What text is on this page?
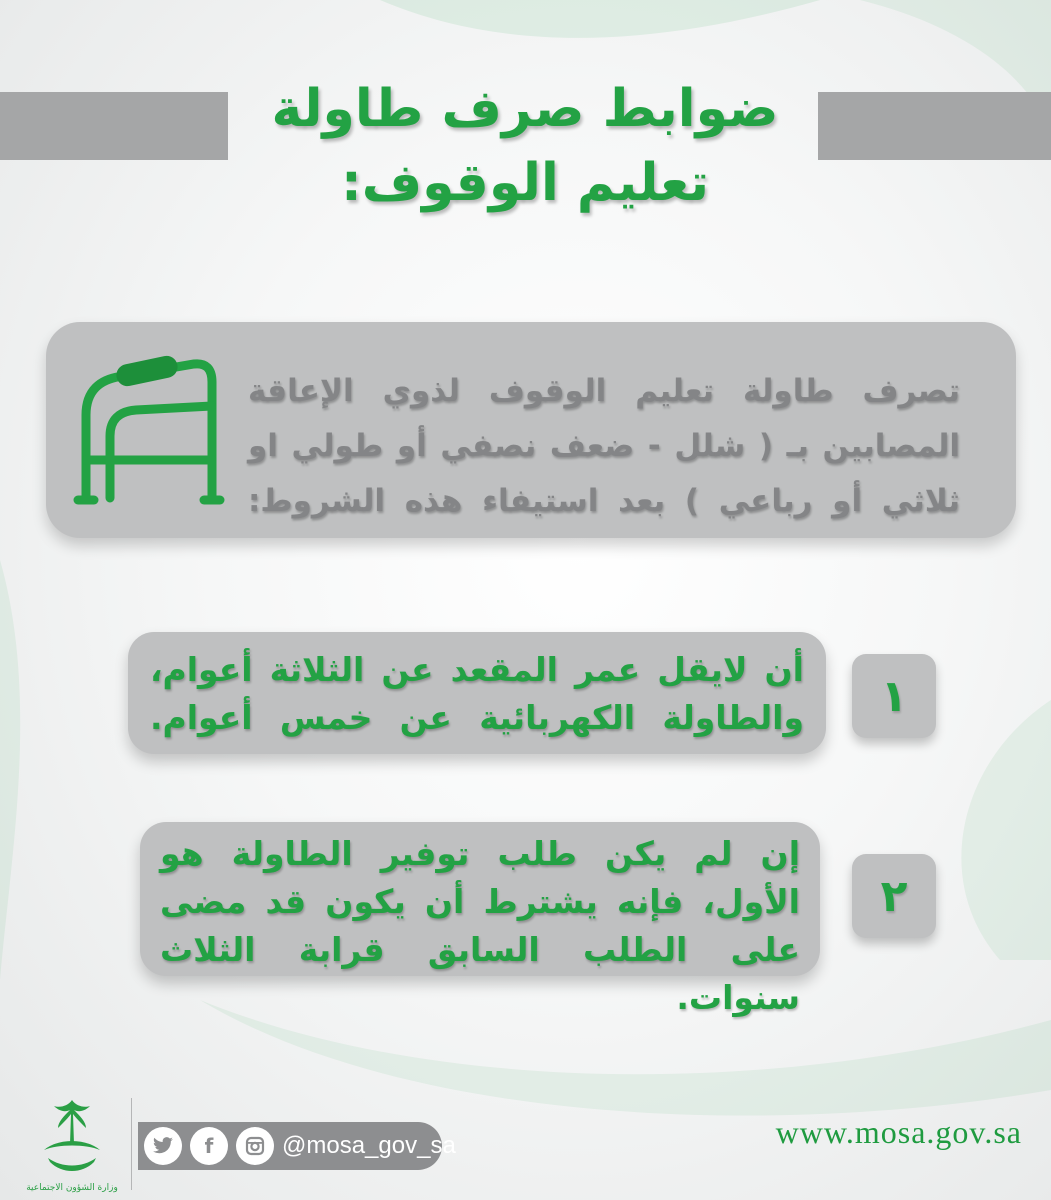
ضوابط صرف طاولة
تعليم الوقوف:
تصرف طاولة تعليم الوقوف لذوي الإعاقة المصابين بـ ( شلل - ضعف نصفي أو طولي او ثلاثي أو رباعي ) بعد استيفاء هذه الشروط:
أن لايقل عمر المقعد عن الثلاثة أعوام، والطاولة الكهربائية عن خمس أعوام.	١
إن لم يكن طلب توفير الطاولة هو الأول، فإنه يشترط أن يكون قد مضى على الطلب السابق قرابة الثلاث سنوات.
٢
وزارة الشؤون الاجتماعية
f	@mosa_gov_sa	www.mosa.gov.sa
